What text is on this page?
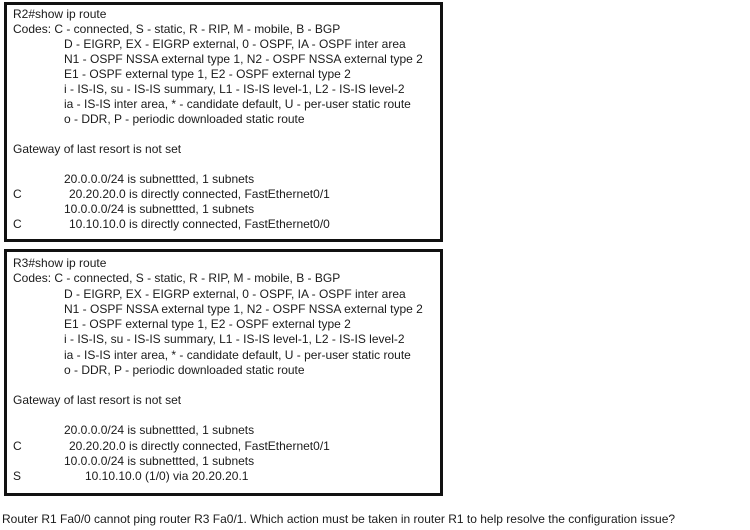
R2#show ip route
Codes: C - connected, S - static, R - RIP, M - mobile, B - BGP
D - EIGRP, EX - EIGRP external, 0 - OSPF, IA - OSPF inter area
N1 - OSPF NSSA external type 1, N2 - OSPF NSSA external type 2
E1 - OSPF external type 1, E2 - OSPF external type 2
i - IS-IS, su - IS-IS summary, L1 - IS-IS level-1, L2 - IS-IS level-2
ia - IS-IS inter area, * - candidate default, U - per-user static route
o - DDR, P - periodic downloaded static route
Gateway of last resort is not set
20.0.0.0/24 is subnettted, 1 subnets
C	20.20.20.0 is directly connected, FastEthernet0/1
10.0.0.0/24 is subnettted, 1 subnets
C	10.10.10.0 is directly connected, FastEthernet0/0
R3#show ip route
Codes: C - connected, S - static, R - RIP, M - mobile, B - BGP
D - EIGRP, EX - EIGRP external, 0 - OSPF, IA - OSPF inter area
N1 - OSPF NSSA external type 1, N2 - OSPF NSSA external type 2
E1 - OSPF external type 1, E2 - OSPF external type 2
i - IS-IS, su - IS-IS summary, L1 - IS-IS level-1, L2 - IS-IS level-2
ia - IS-IS inter area, * - candidate default, U - per-user static route
o - DDR, P - periodic downloaded static route
Gateway of last resort is not set
20.0.0.0/24 is subnettted, 1 subnets
C	20.20.20.0 is directly connected, FastEthernet0/1
10.0.0.0/24 is subnettted, 1 subnets
S	10.10.10.0 (1/0) via 20.20.20.1
Router R1 Fa0/0 cannot ping router R3 Fa0/1. Which action must be taken in router R1 to help resolve the configuration issue?
